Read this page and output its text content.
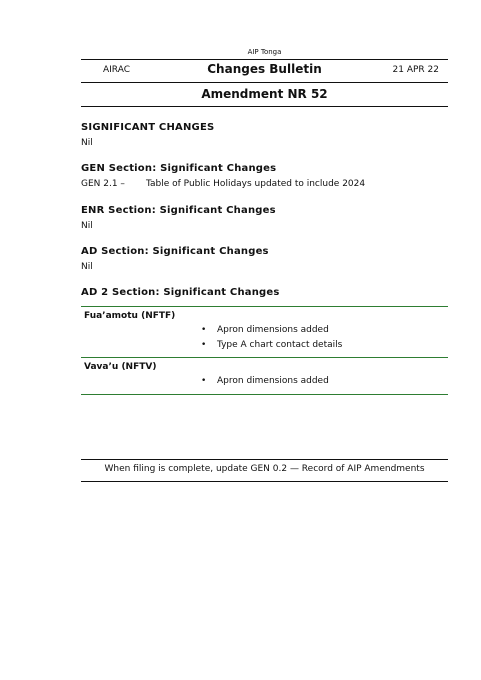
AIP Tonga
AIRAC	Changes Bulletin	21 APR 22
Amendment NR 52
SIGNIFICANT CHANGES
Nil
GEN Section: Significant Changes
GEN 2.1 – Table of Public Holidays updated to include 2024
ENR Section: Significant Changes
Nil
AD Section: Significant Changes
Nil
AD 2 Section: Significant Changes
Fua’amotu (NFTF)
• Apron dimensions added
• Type A chart contact details
Vava’u (NFTV)
• Apron dimensions added
When filing is complete, update GEN 0.2 — Record of AIP Amendments
